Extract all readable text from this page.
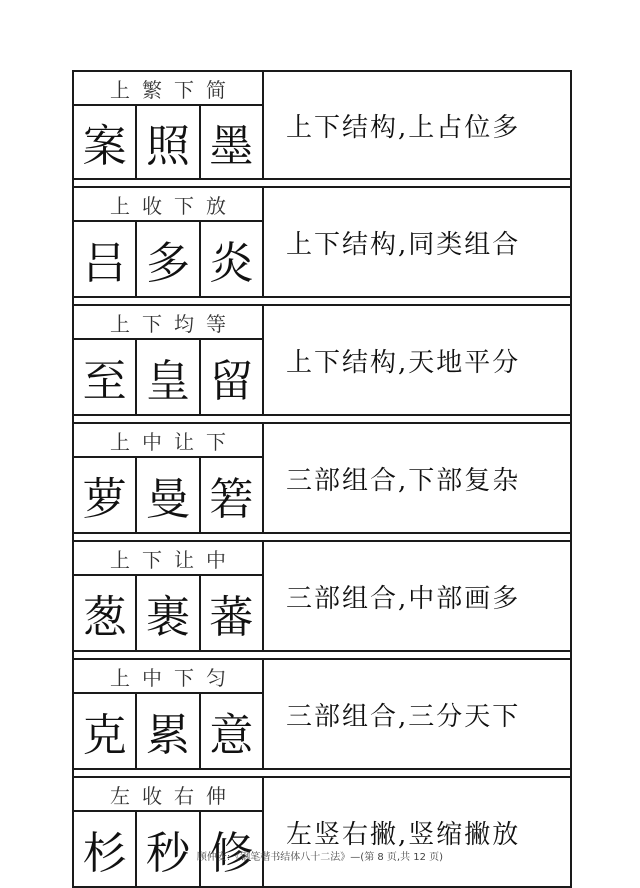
上繁下简
案 照 墨	上下结构,上占位多
上收下放
吕 多 炎	上下结构,同类组合
上下均等
至 皇 留	上下结构,天地平分
上中让下
萝 曼 箬	三部组合,下部复杂
上下让中
葱 裹 蕃	三部组合,中部画多
上中下匀
克 累 意	三部组合,三分天下
左收右伸
杉 秒 修	左竖右撇,竖缩撇放
顾仲安:《钢笔楷书结体八十二法》—(第 8 页,共 12 页)
